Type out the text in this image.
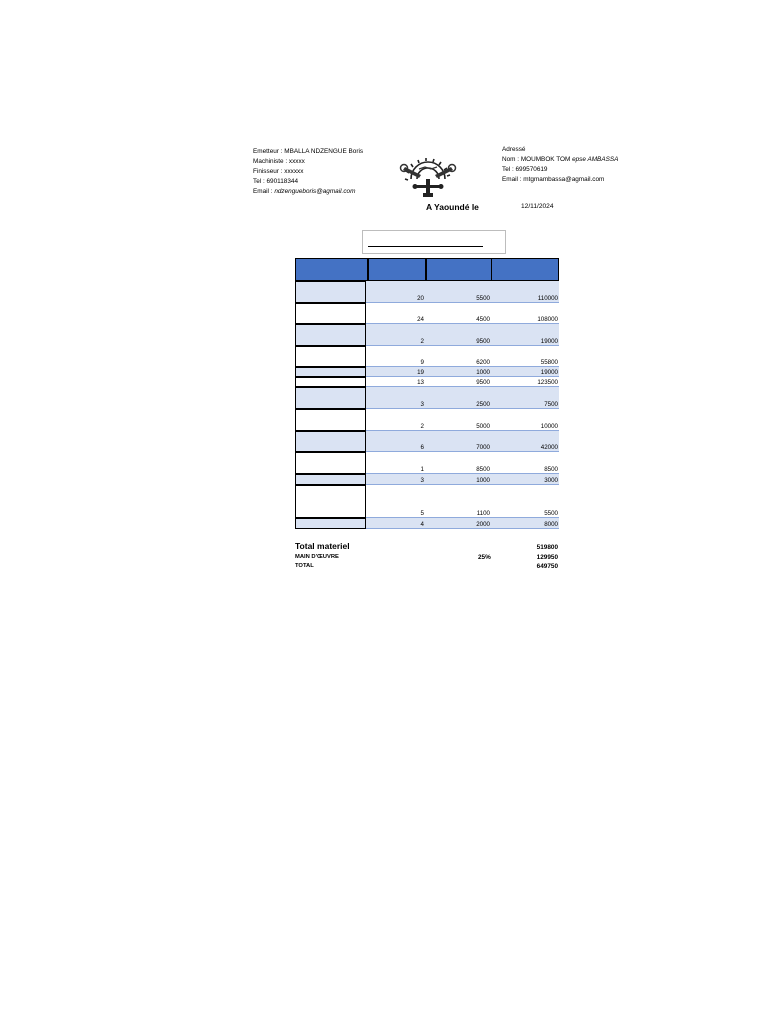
Emetteur : MBALLA NDZENGUE Boris
Machiniste : xxxxx
Finisseur : xxxxxx
Tel : 690118344
Email : ndzengueboris@agmail.com
Adressé
Nom : MOUMBOK TOM epse AMBASSA
Tel : 699570619
Email : mtgmambassa@agmail.com
A Yaoundé le	12/11/2024
20	5500	110000
24	4500	108000
2	9500	19000
9	6200	55800
19	1000	19000
13	9500	123500
3	2500	7500
2	5000	10000
6	7000	42000
1	8500	8500
3	1000	3000
5	1100	5500
4	2000	8000
Total materiel	519800
MAIN D'ŒUVRE	25%	129950
TOTAL	649750
